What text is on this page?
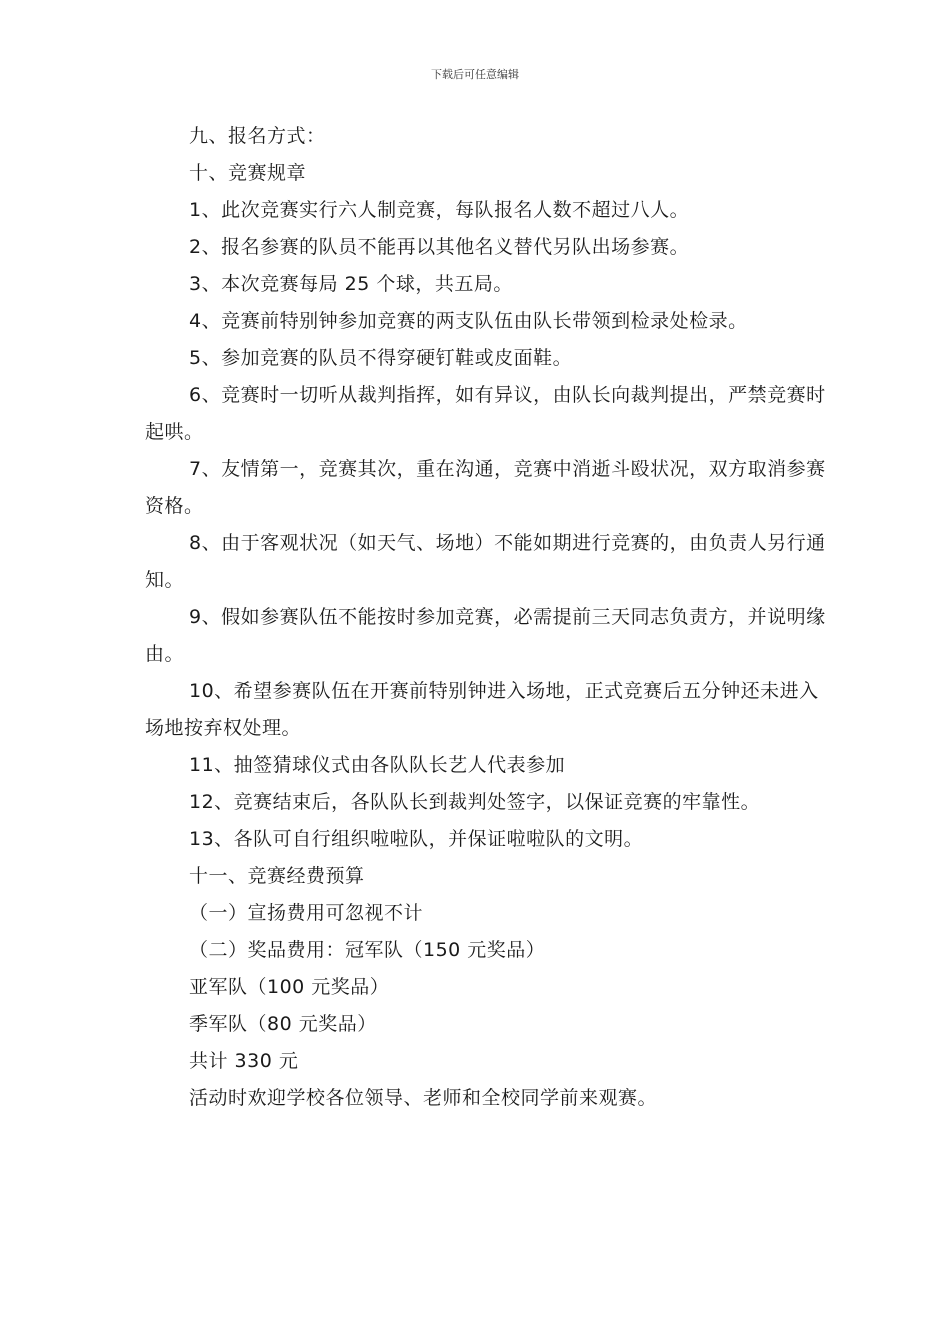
下载后可任意编辑

九、报名方式：

十、竞赛规章

1、此次竞赛实行六人制竞赛，每队报名人数不超过八人。

2、报名参赛的队员不能再以其他名义替代另队出场参赛。

3、本次竞赛每局 25 个球，共五局。

4、竞赛前特别钟参加竞赛的两支队伍由队长带领到检录处检录。

5、参加竞赛的队员不得穿硬钉鞋或皮面鞋。

6、竞赛时一切听从裁判指挥，如有异议，由队长向裁判提出，严禁竞赛时起哄。

7、友情第一，竞赛其次，重在沟通，竞赛中消逝斗殴状况，双方取消参赛资格。

8、由于客观状况（如天气、场地）不能如期进行竞赛的，由负责人另行通知。

9、假如参赛队伍不能按时参加竞赛，必需提前三天同志负责方，并说明缘由。

10、希望参赛队伍在开赛前特别钟进入场地，正式竞赛后五分钟还未进入场地按弃权处理。

11、抽签猜球仪式由各队队长艺人代表参加

12、竞赛结束后，各队队长到裁判处签字，以保证竞赛的牢靠性。

13、各队可自行组织啦啦队，并保证啦啦队的文明。

十一、竞赛经费预算

（一）宣扬费用可忽视不计

（二）奖品费用：冠军队（150 元奖品）

亚军队（100 元奖品）

季军队（80 元奖品）

共计 330 元

活动时欢迎学校各位领导、老师和全校同学前来观赛。
